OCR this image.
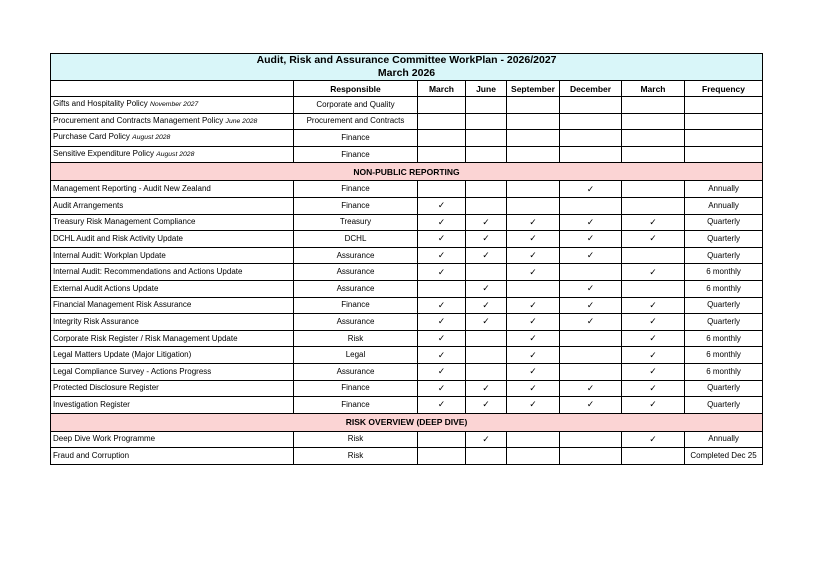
Audit, Risk and Assurance Committee WorkPlan - 2026/2027							
March 2026							
	Responsible	March	June	September	December	March	Frequency
Gifts and Hospitality Policy November 2027	Corporate and Quality						
Procurement and Contracts Management Policy June 2028	Procurement and Contracts						
Purchase Card Policy August 2028	Finance						
Sensitive Expenditure Policy August 2028	Finance						
NON-PUBLIC REPORTING							
Management Reporting - Audit New Zealand	Finance				✓		Annually
Audit Arrangements	Finance	✓					Annually
Treasury Risk Management Compliance	Treasury	✓	✓	✓	✓	✓	Quarterly
DCHL Audit and Risk Activity Update	DCHL	✓	✓	✓	✓	✓	Quarterly
Internal Audit: Workplan Update	Assurance	✓	✓	✓	✓		Quarterly
Internal Audit: Recommendations and Actions Update	Assurance	✓		✓		✓	6 monthly
External Audit Actions Update	Assurance		✓		✓		6 monthly
Financial Management Risk Assurance	Finance	✓	✓	✓	✓	✓	Quarterly
Integrity Risk Assurance	Assurance	✓	✓	✓	✓	✓	Quarterly
Corporate Risk Register / Risk Management Update	Risk	✓		✓		✓	6 monthly
Legal Matters Update (Major Litigation)	Legal	✓		✓		✓	6 monthly
Legal Compliance Survey - Actions Progress	Assurance	✓		✓		✓	6 monthly
Protected Disclosure Register	Finance	✓	✓	✓	✓	✓	Quarterly
Investigation Register	Finance	✓	✓	✓	✓	✓	Quarterly
RISK OVERVIEW (DEEP DIVE)							
Deep Dive Work Programme	Risk		✓			✓	Annually
Fraud and Corruption	Risk						Completed Dec 25
